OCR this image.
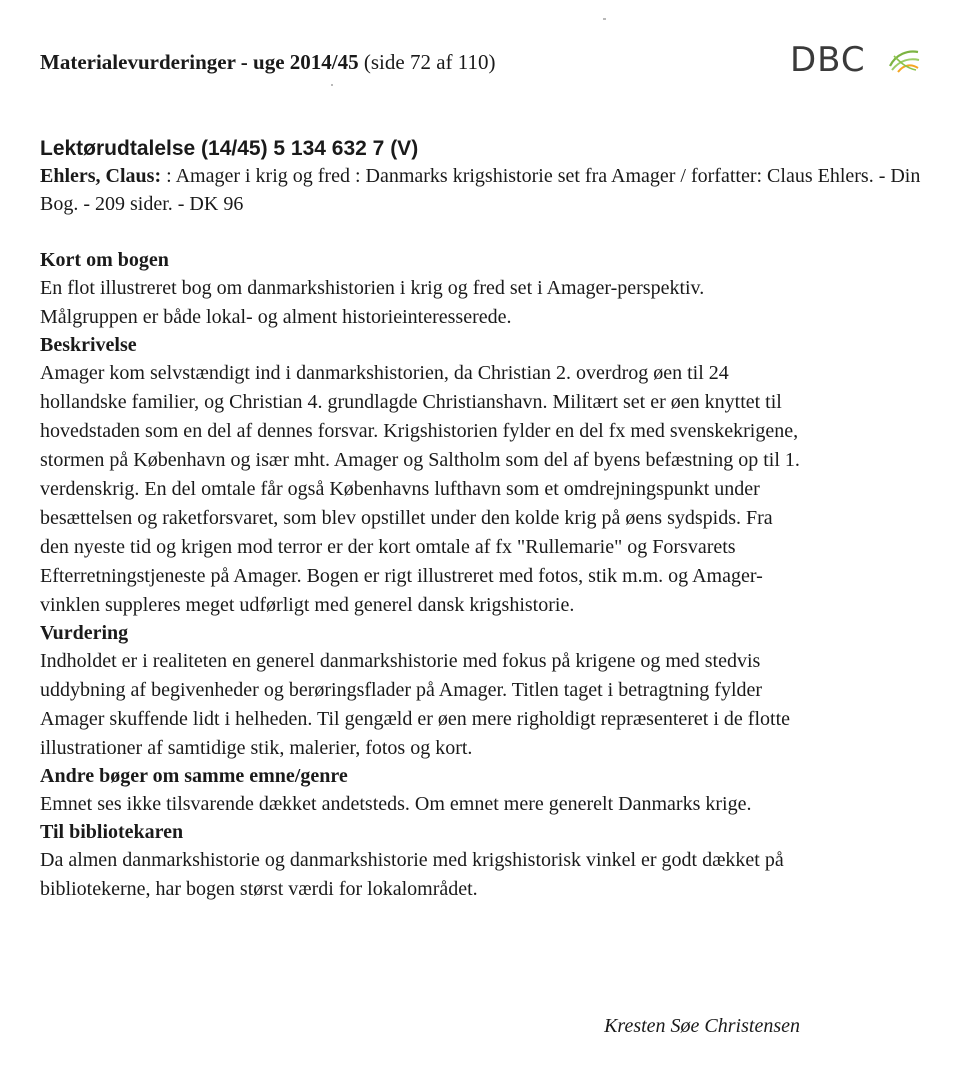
Materialevurderinger - uge 2014/45 (side 72 af 110)	DBC

Lektørudtalelse (14/45) 5 134 632 7 (V)

Ehlers, Claus: : Amager i krig og fred : Danmarks krigshistorie set fra Amager / forfatter: Claus Ehlers. - Din Bog. - 209 sider. - DK 96

Kort om bogen

En flot illustreret bog om danmarkshistorien i krig og fred set i Amager-perspektiv. Målgruppen er både lokal- og alment historieinteresserede.

Beskrivelse

Amager kom selvstændigt ind i danmarkshistorien, da Christian 2. overdrog øen til 24 hollandske familier, og Christian 4. grundlagde Christianshavn. Militært set er øen knyttet til hovedstaden som en del af dennes forsvar. Krigshistorien fylder en del fx med svenskekrigene, stormen på København og især mht. Amager og Saltholm som del af byens befæstning op til 1. verdenskrig. En del omtale får også Københavns lufthavn som et omdrejningspunkt under besættelsen og raketforsvaret, som blev opstillet under den kolde krig på øens sydspids. Fra den nyeste tid og krigen mod terror er der kort omtale af fx "Rullemarie" og Forsvarets Efterretningstjeneste på Amager. Bogen er rigt illustreret med fotos, stik m.m. og Amager-vinklen suppleres meget udførligt med generel dansk krigshistorie.

Vurdering

Indholdet er i realiteten en generel danmarkshistorie med fokus på krigene og med stedvis uddybning af begivenheder og berøringsflader på Amager. Titlen taget i betragtning fylder Amager skuffende lidt i helheden. Til gengæld er øen mere righoldigt repræsenteret i de flotte illustrationer af samtidige stik, malerier, fotos og kort.

Andre bøger om samme emne/genre

Emnet ses ikke tilsvarende dækket andetsteds. Om emnet mere generelt Danmarks krige.

Til bibliotekaren

Da almen danmarkshistorie og danmarkshistorie med krigshistorisk vinkel er godt dækket på bibliotekerne, har bogen størst værdi for lokalområdet.

Kresten Søe Christensen
